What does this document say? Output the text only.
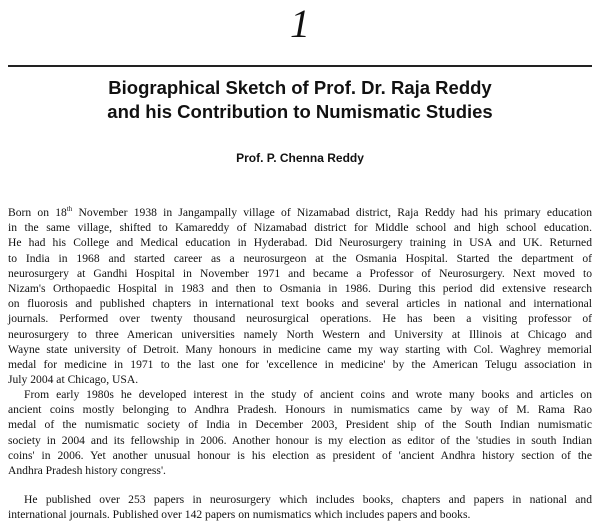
1
Biographical Sketch of Prof. Dr. Raja Reddy
and his Contribution to Numismatic Studies
Prof. P. Chenna Reddy
Born on 18th November 1938 in Jangampally village of Nizamabad district, Raja Reddy had his primary education
in the same village, shifted to Kamareddy of Nizamabad district for Middle school and high school education.
He had his College and Medical education in Hyderabad. Did Neurosurgery training in USA and UK. Returned
to India in 1968 and started career as a neurosurgeon at the Osmania Hospital. Started the department of
neurosurgery at Gandhi Hospital in November 1971 and became a Professor of Neurosurgery. Next moved to
Nizam's Orthopaedic Hospital in 1983 and then to Osmania in 1986. During this period did extensive research
on fluorosis and published chapters in international text books and several articles in national and international
journals. Performed over twenty thousand neurosurgical operations. He has been a visiting professor of
neurosurgery to three American universities namely North Western and University at Illinois at Chicago and
Wayne state university of Detroit. Many honours in medicine came my way starting with Col. Waghrey memorial
medal for medicine in 1971 to the last one for 'excellence in medicine' by the American Telugu association in
July 2004 at Chicago, USA.
From early 1980s he developed interest in the study of ancient coins and wrote many books and articles on
ancient coins mostly belonging to Andhra Pradesh. Honours in numismatics came by way of M. Rama Rao
medal of the numismatic society of India in December 2003, President ship of the South Indian numismatic
society in 2004 and its fellowship in 2006. Another honour is my election as editor of the 'studies in south Indian
coins' in 2006. Yet another unusual honour is his election as president of 'ancient Andhra history section of the
Andhra Pradesh history congress'.
He published over 253 papers in neurosurgery which includes books, chapters and papers in national and
international journals. Published over 142 papers on numismatics which includes papers and books.
